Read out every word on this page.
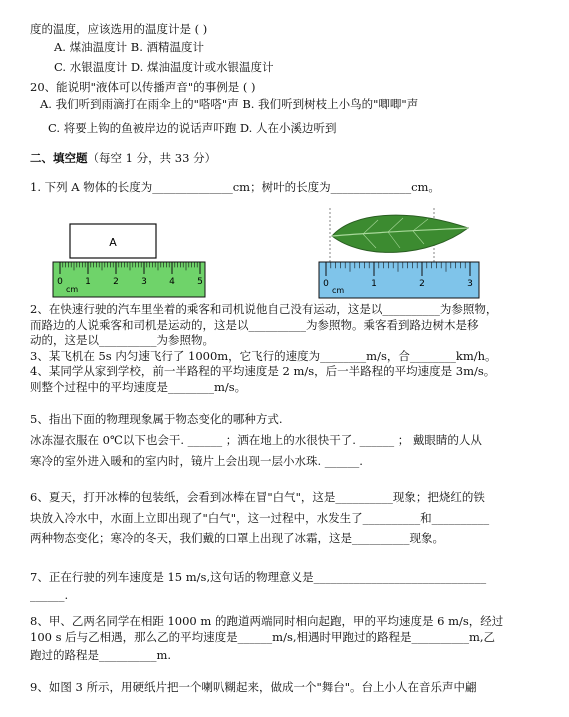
度的温度，应该选用的温度计是 ( )
A. 煤油温度计 B. 酒精温度计
C. 水银温度计 D. 煤油温度计或水银温度计
20、能说明"液体可以传播声音"的事例是 ( )
A. 我们听到雨滴打在雨伞上的"嗒嗒"声 B. 我们听到树枝上小鸟的"唧唧"声
C. 将要上钩的鱼被岸边的说话声吓跑 D. 人在小溪边听到
二、填空题（每空 1 分，共 33 分）
1. 下列 A 物体的长度为______________cm；树叶的长度为______________cm。
A
0 1 2 3 4 5
cm
0	1	2	3
cm
2、在快速行驶的汽车里坐着的乘客和司机说他自己没有运动，这是以__________为参照物，
而路边的人说乘客和司机是运动的，这是以__________为参照物。乘客看到路边树木是移
动的，这是以__________为参照物。
3、某飞机在 5s 内匀速飞行了 1000m，它飞行的速度为________m/s，合________km/h。
4、某同学从家到学校，前一半路程的平均速度是 2 m/s，后一半路程的平均速度是 3m/s。
则整个过程中的平均速度是________m/s。
5、指出下面的物理现象属于物态变化的哪种方式.
冰冻湿衣服在 0℃以下也会干. ______ ；洒在地上的水很快干了. ______ ； 戴眼睛的人从
寒冷的室外进入暖和的室内时，镜片上会出现一层小水珠. ______.
6、夏天，打开冰棒的包装纸，会看到冰棒在冒"白气"，这是__________现象；把烧红的铁
块放入冷水中，水面上立即出现了"白气"，这一过程中，水发生了__________和__________
两种物态变化；寒冷的冬天，我们戴的口罩上出现了冰霜，这是__________现象。
7、正在行驶的列车速度是 15 m/s,这句话的物理意义是______________________________
______.
8、甲、乙两名同学在相距 1000 m 的跑道两端同时相向起跑，甲的平均速度是 6 m/s，经过
100 s 后与乙相遇，那么乙的平均速度是______m/s,相遇时甲跑过的路程是__________m,乙
跑过的路程是__________m.
9、如图 3 所示，用硬纸片把一个喇叭糊起来，做成一个"舞台"。台上小人在音乐声中翩
